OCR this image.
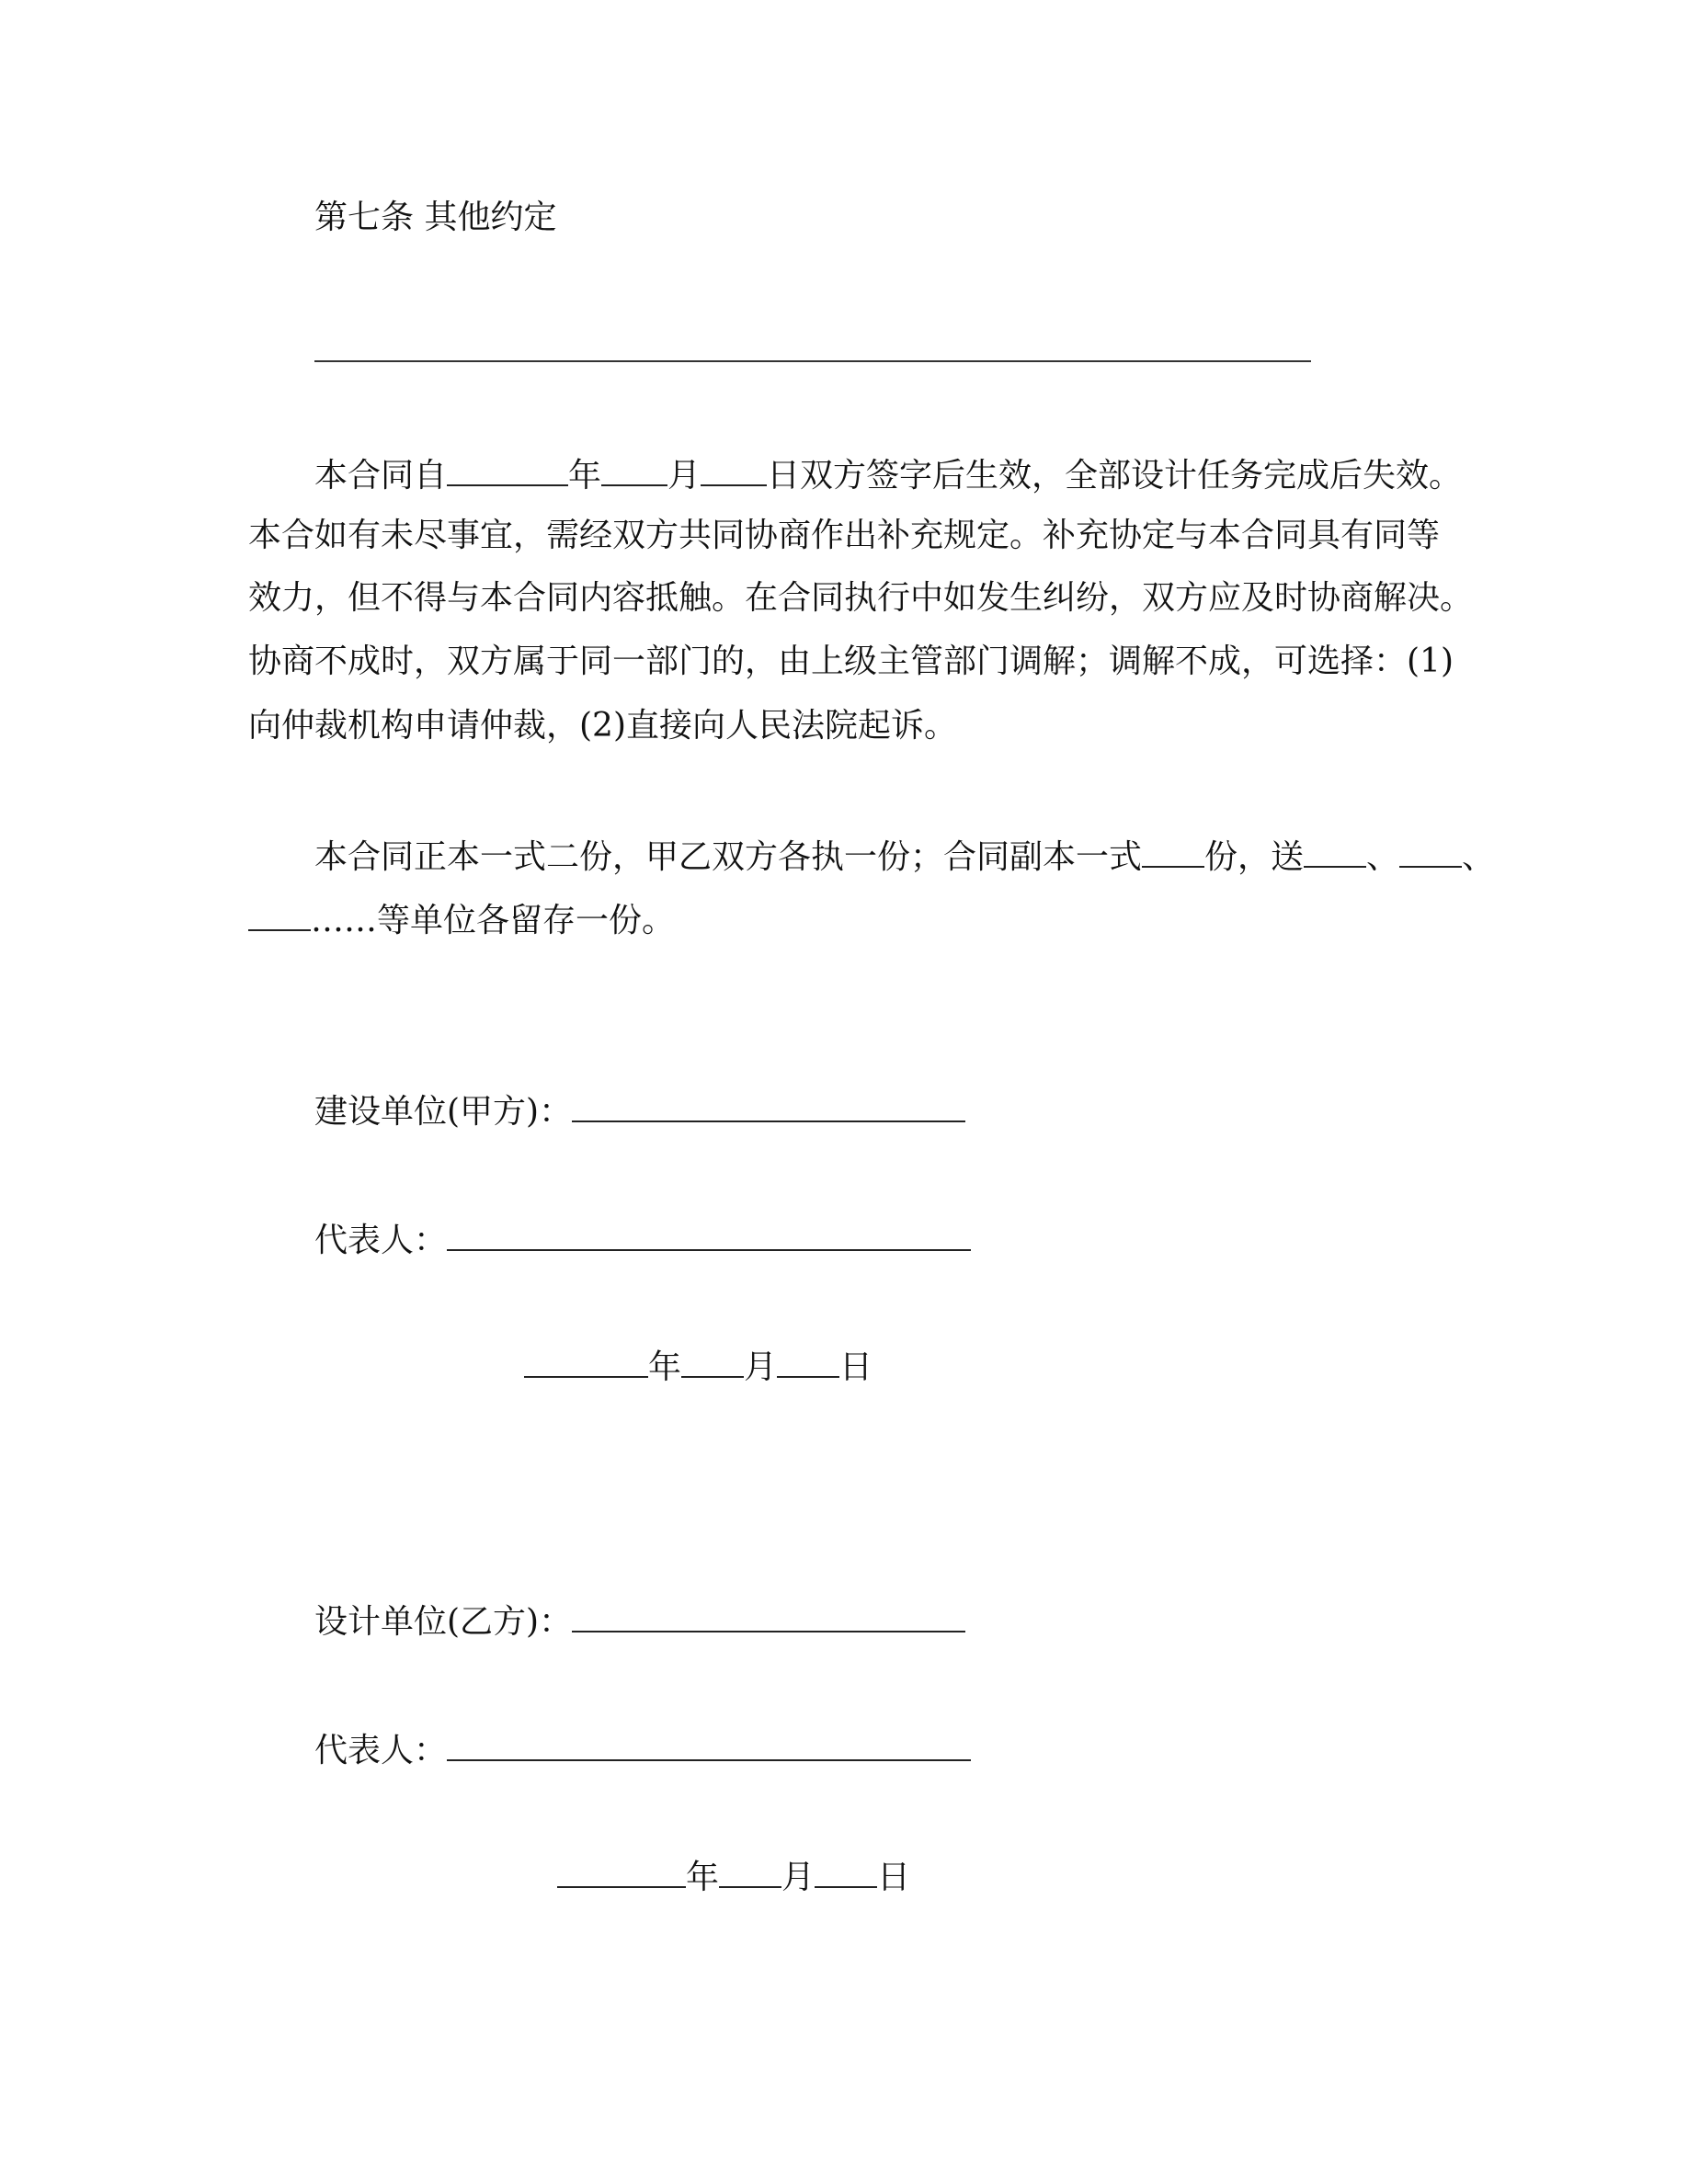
第七条 其他约定
本合同自	年 月 日双方签字后生效，全部设计任务完成后失效。
本合如有未尽事宜，需经双方共同协商作出补充规定。补充协定与本合同具有同等
效力，但不得与本合同内容抵触。在合同执行中如发生纠纷，双方应及时协商解决。
协商不成时，双方属于同一部门的，由上级主管部门调解；调解不成，可选择：(1)
向仲裁机构申请仲裁，(2)直接向人民法院起诉。
本合同正本一式二份，甲乙双方各执一份；合同副本一式 份，送 、 、
……等单位各留存一份。
建设单位(甲方)：
代表人：
年 月 日
设计单位(乙方)：
代表人：
年 月 日
